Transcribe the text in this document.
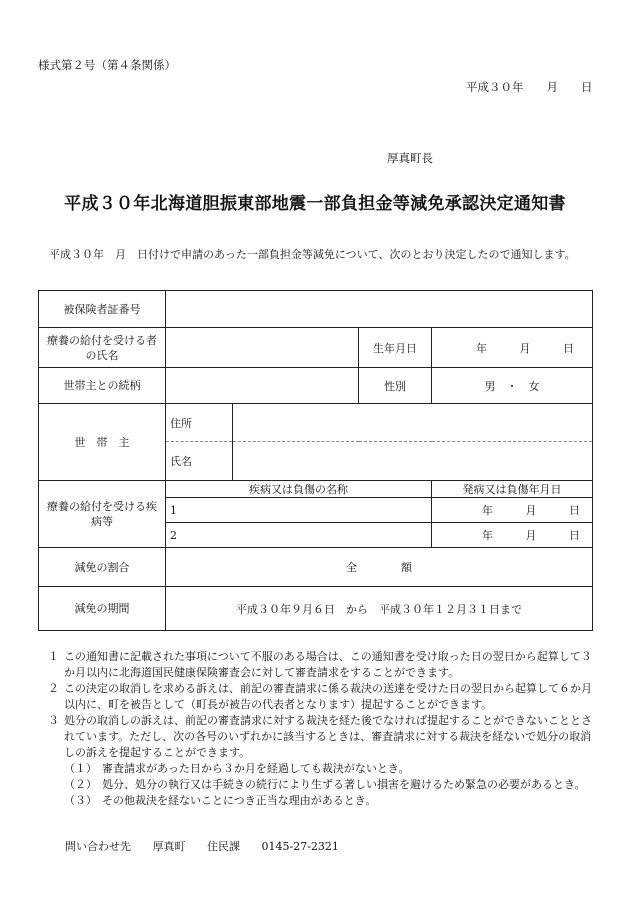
様式第２号（第４条関係）
平成３０年　　月　　日
厚真町長
平成３０年北海道胆振東部地震一部負担金等減免承認決定通知書
　平成３０年　月　日付けで申請のあった一部負担金等減免について、次のとおり決定したので通知します。
被保険者証番号				
療養の給付を受ける者の氏名			生年月日	年 月 日

世帯主との続柄			性別	男　・　女
世　帯　主	住所			
	氏名			
療養の給付を受ける疾病等	疾病又は負傷の名称			発病又は負傷年月日
	1			年 月 日

	2			年 月 日

減免の割合	全　　　　額			
減免の期間	平成３０年９月６日　から　平成３０年１２月３１日まで			

１ この通知書に記載された事項について不服のある場合は、この通知書を受け取った日の翌日から起算して３か月以内に北海道国民健康保険審査会に対して審査請求をすることができます。

２ この決定の取消しを求める訴えは、前記の審査請求に係る裁決の送達を受けた日の翌日から起算して６か月以内に、町を被告として（町長が被告の代表者となります）提起することができます。

３ 処分の取消しの訴えは、前記の審査請求に対する裁決を経た後でなければ提起することができないこととされています。ただし、次の各号のいずれかに該当するときは、審査請求に対する裁決を経ないで処分の取消しの訴えを提起することができます。

（１） 審査請求があった日から３か月を経過しても裁決がないとき。

（２） 処分、処分の執行又は手続きの続行により生ずる著しい損害を避けるため緊急の必要があるとき。

（３） その他裁決を経ないことにつき正当な理由があるとき。

問い合わせ先 厚真町 住民課 0145-27-2321
